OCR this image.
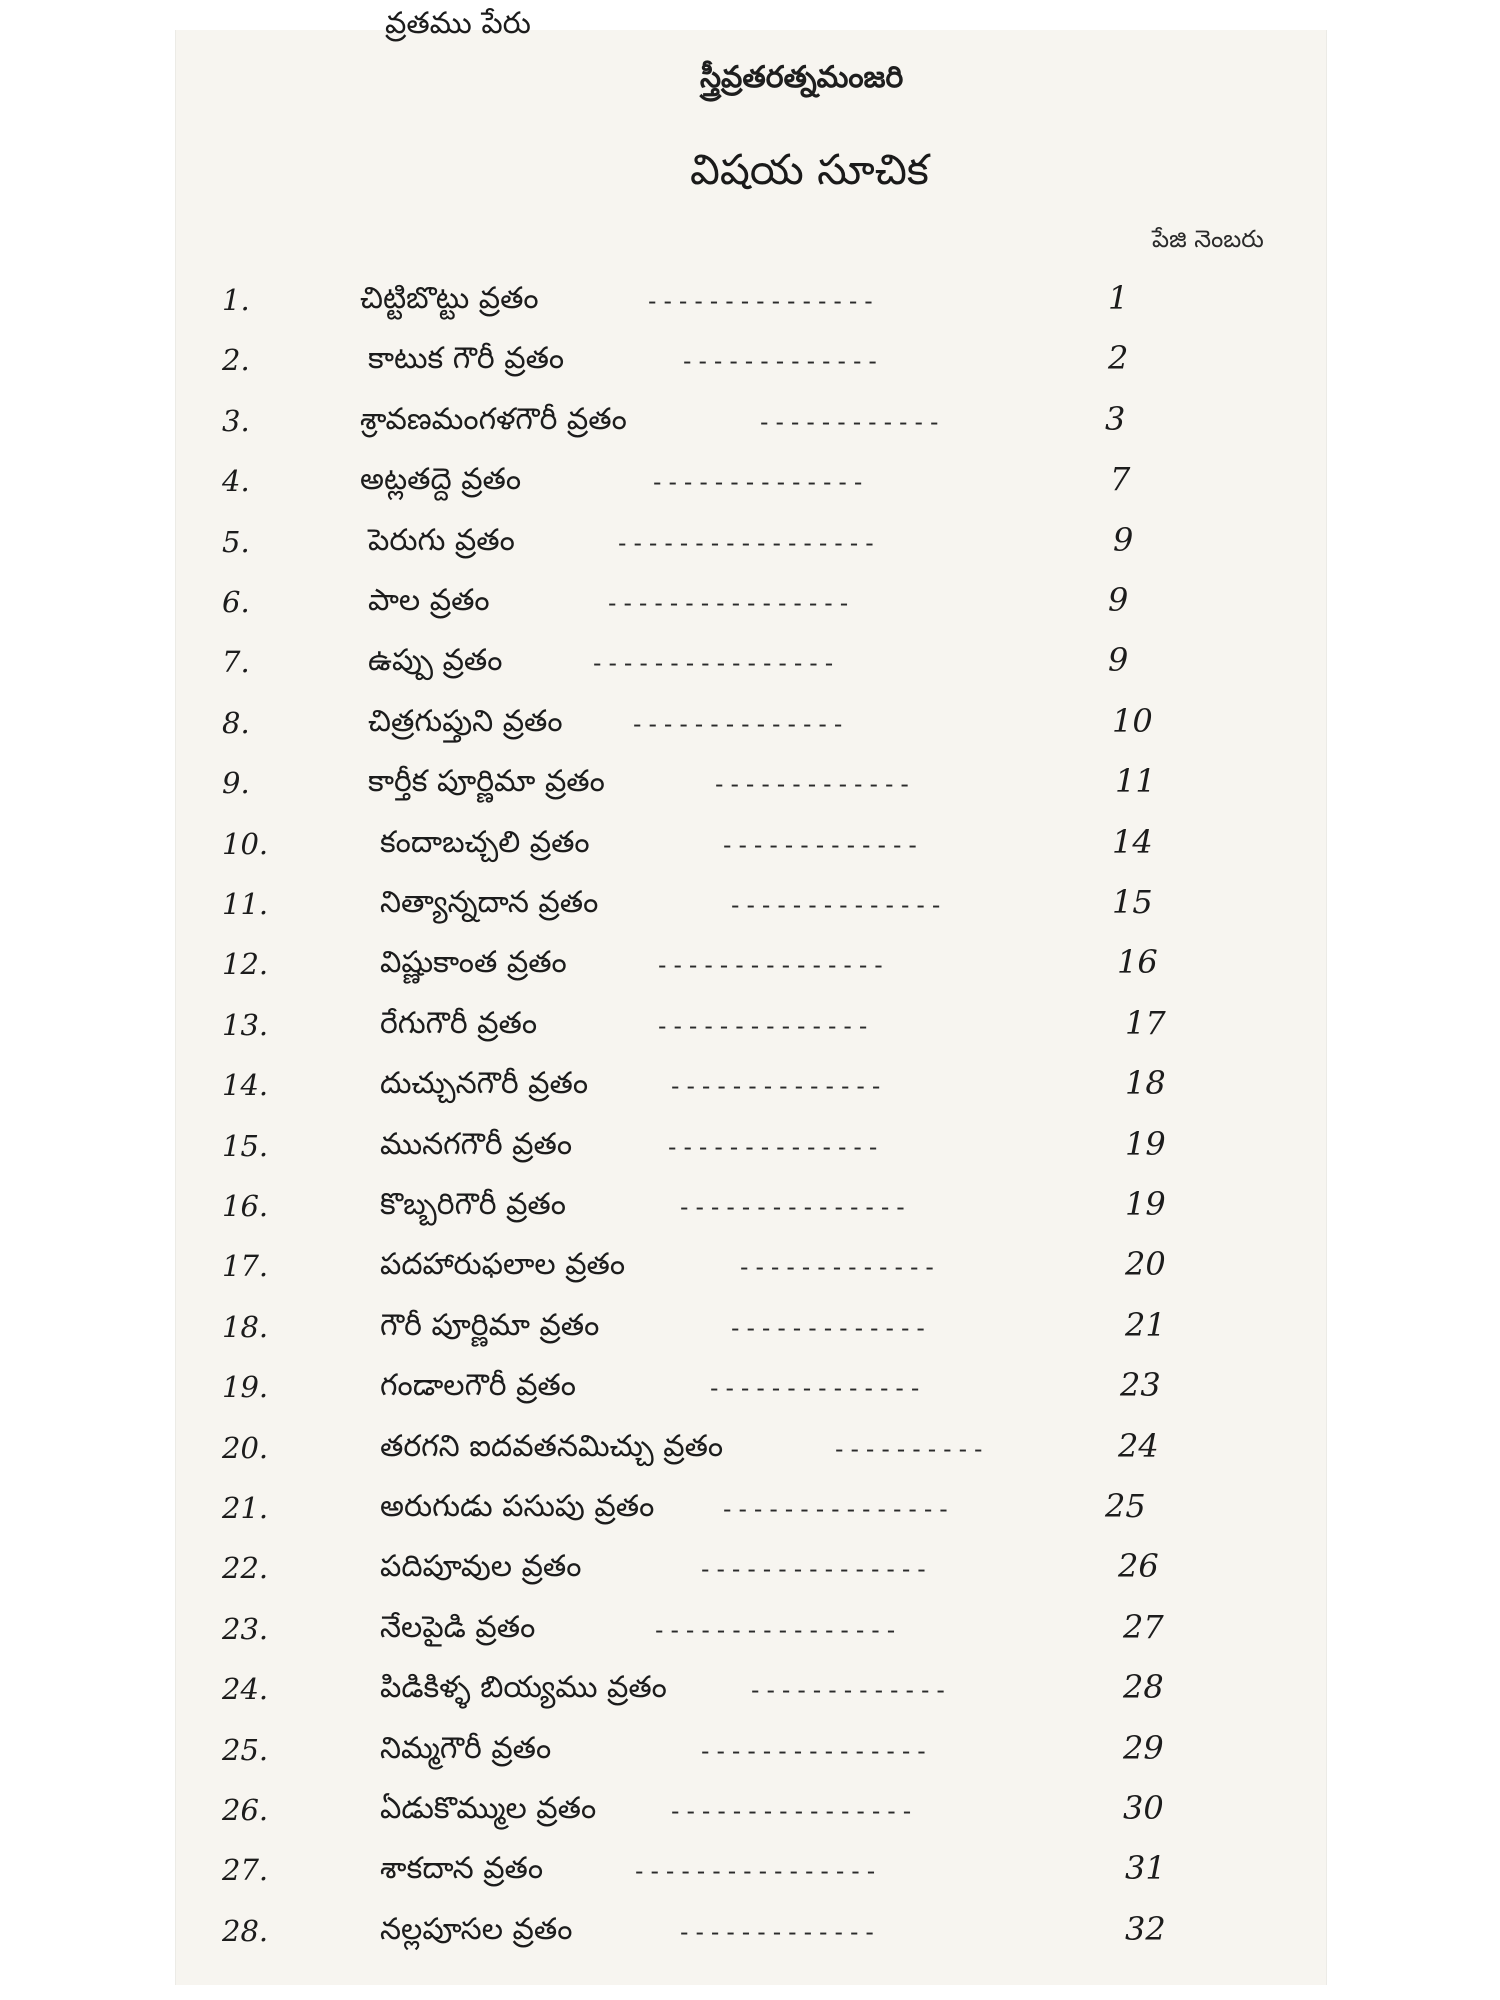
స్త్రీవ్రతరత్నమంజరి
విషయ సూచిక
వ్రతము పేరు
పేజి నెంబరు
1.	చిట్టిబొట్టు వ్రతం	---------------	1
2.	కాటుక గౌరీ వ్రతం	-------------	2
3.	శ్రావణమంగళగౌరీ వ్రతం	------------	3
4.	అట్లతద్దె వ్రతం	--------------	7
5.	పెరుగు వ్రతం	-----------------	9
6.	పాల వ్రతం	----------------	9
7.	ఉప్పు వ్రతం	----------------	9
8.	చిత్రగుప్తుని వ్రతం	--------------	10
9.	కార్తీక పూర్ణిమా వ్రతం	-------------	11
10.	కందాబచ్చలి వ్రతం	-------------	14
11.	నిత్యాన్నదాన వ్రతం	--------------	15
12.	విష్ణుకాంత వ్రతం	---------------	16
13.	రేగుగౌరీ వ్రతం	--------------	17
14.	దుచ్చునగౌరీ వ్రతం	--------------	18
15.	మునగగౌరీ వ్రతం	--------------	19
16.	కొబ్బరిగౌరీ వ్రతం	---------------	19
17.	పదహారుఫలాల వ్రతం	-------------	20
18.	గౌరీ పూర్ణిమా వ్రతం	-------------	21
19.	గండాలగౌరీ వ్రతం	--------------	23
20.	తరగని ఐదవతనమిచ్చు వ్రతం	----------	24
21.	అరుగుడు పసుపు వ్రతం	---------------	25
22.	పదిపూవుల వ్రతం	---------------	26
23.	నేలపైడి వ్రతం	----------------	27
24.	పిడికిళ్ళ బియ్యము వ్రతం	-------------	28
25.	నిమ్మగౌరీ వ్రతం	---------------	29
26.	ఏడుకొమ్ముల వ్రతం	----------------	30
27.	శాకదాన వ్రతం	----------------	31
28.	నల్లపూసల వ్రతం	-------------	32
